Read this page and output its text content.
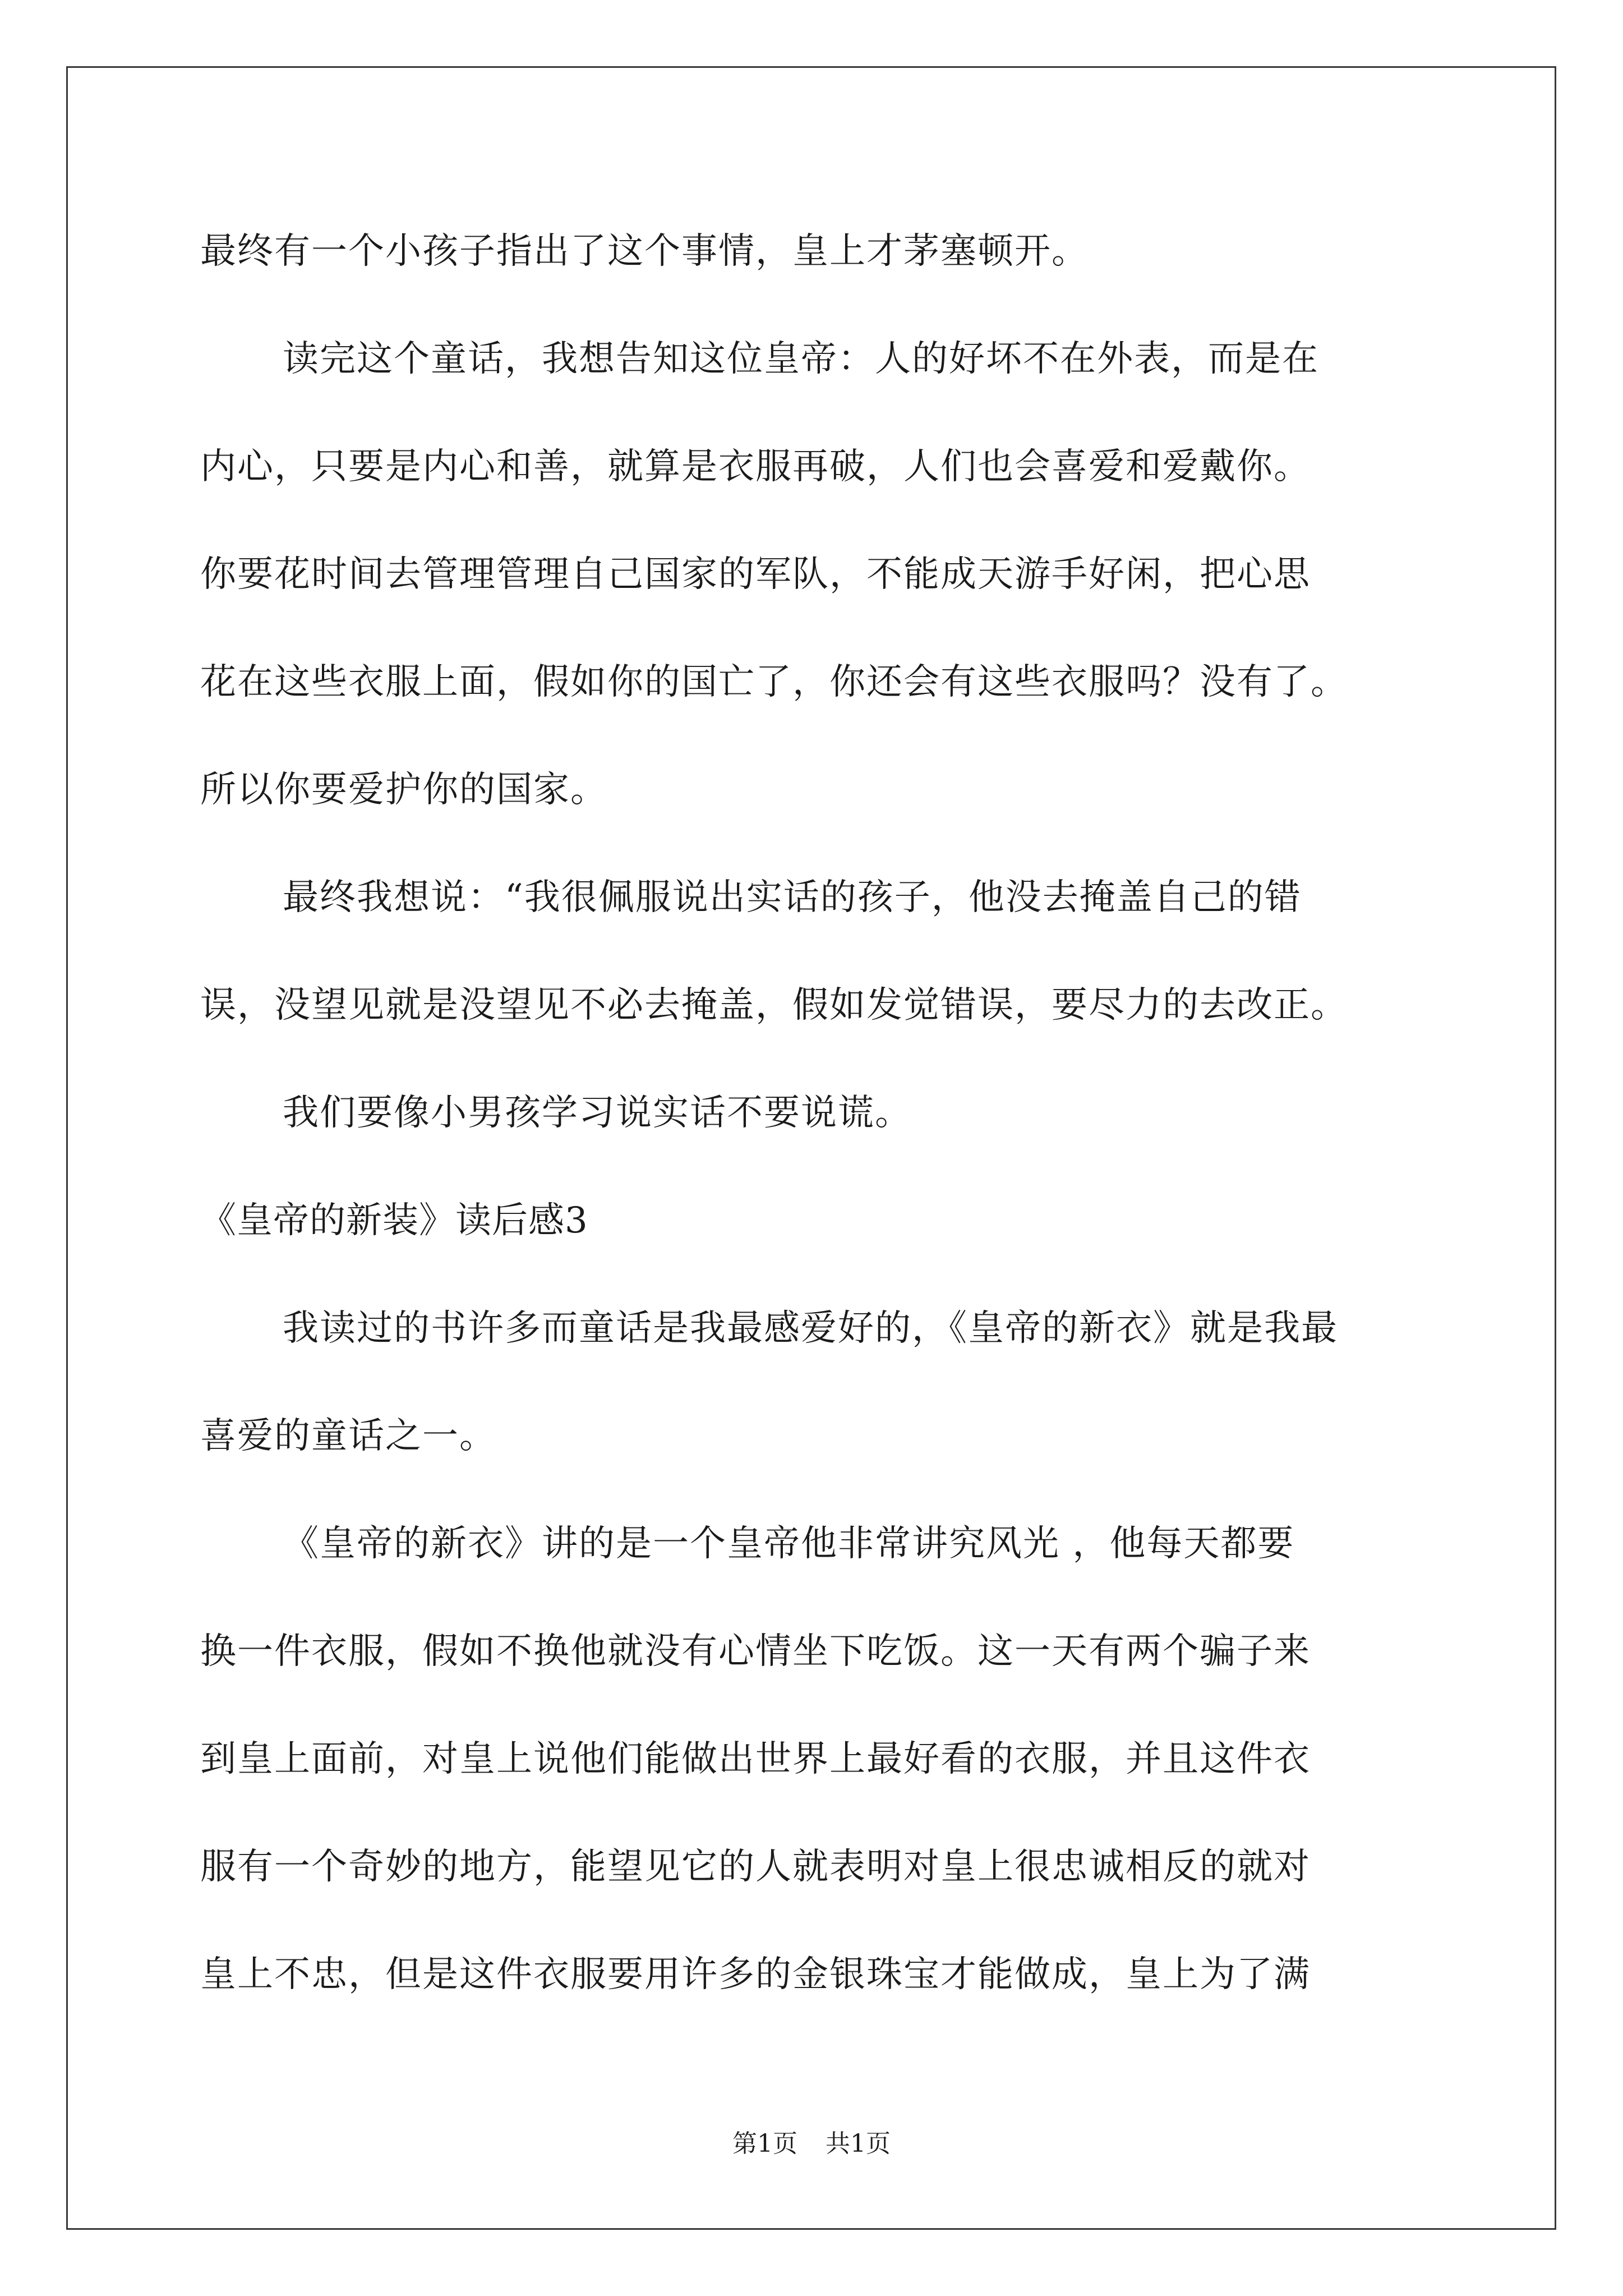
最终有一个小孩子指出了这个事情，皇上才茅塞顿开。
读完这个童话，我想告知这位皇帝：人的好坏不在外表，而是在
内心，只要是内心和善，就算是衣服再破，人们也会喜爱和爱戴你。
你要花时间去管理管理自己国家的军队，不能成天游手好闲，把心思
花在这些衣服上面，假如你的国亡了，你还会有这些衣服吗？没有了。
所以你要爱护你的国家。
最终我想说：“我很佩服说出实话的孩子，他没去掩盖自己的错
误，没望见就是没望见不必去掩盖，假如发觉错误，要尽力的去改正。
我们要像小男孩学习说实话不要说谎。
《皇帝的新装》读后感3
我读过的书许多而童话是我最感爱好的，《皇帝的新衣》就是我最
喜爱的童话之一。
《皇帝的新衣》讲的是一个皇帝他非常讲究风光 ，他每天都要
换一件衣服，假如不换他就没有心情坐下吃饭。这一天有两个骗子来
到皇上面前，对皇上说他们能做出世界上最好看的衣服，并且这件衣
服有一个奇妙的地方，能望见它的人就表明对皇上很忠诚相反的就对
皇上不忠，但是这件衣服要用许多的金银珠宝才能做成，皇上为了满
第1页 共1页
